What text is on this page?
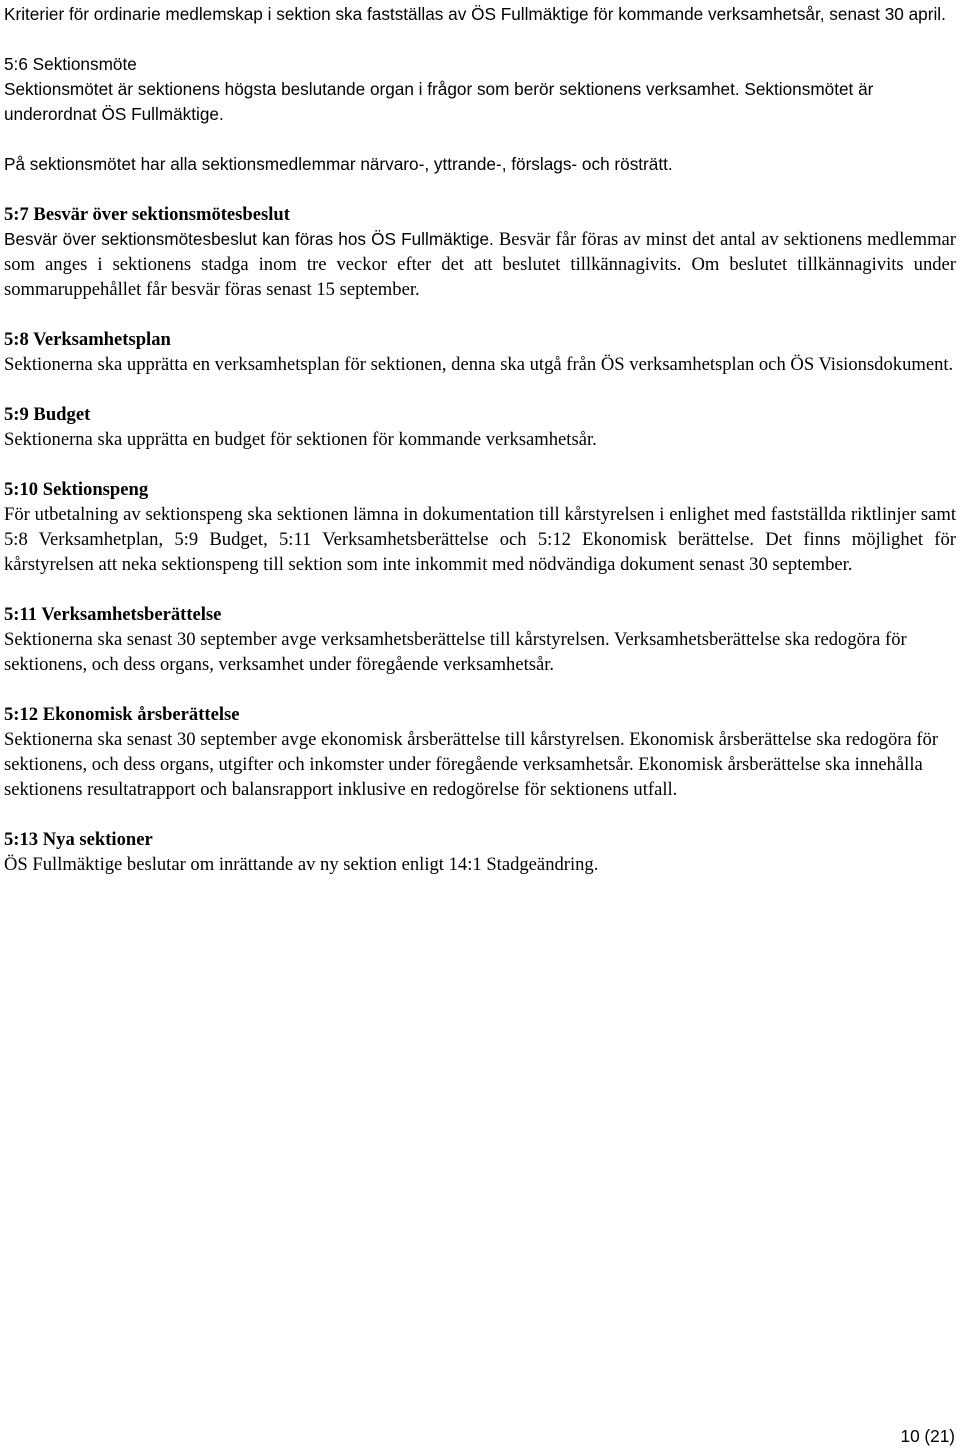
Kriterier för ordinarie medlemskap i sektion ska fastställas av ÖS Fullmäktige för kommande verksamhetsår, senast 30 april.

5:6 Sektionsmöte

Sektionsmötet är sektionens högsta beslutande organ i frågor som berör sektionens verksamhet. Sektionsmötet är underordnat ÖS Fullmäktige.

På sektionsmötet har alla sektionsmedlemmar närvaro-, yttrande-, förslags- och rösträtt.

5:7 Besvär över sektionsmötesbeslut

Besvär över sektionsmötesbeslut kan föras hos ÖS Fullmäktige. Besvär får föras av minst det antal av sektionens medlemmar som anges i sektionens stadga inom tre veckor efter det att beslutet tillkännagivits. Om beslutet tillkännagivits under sommaruppehållet får besvär föras senast 15 september.

5:8 Verksamhetsplan

Sektionerna ska upprätta en verksamhetsplan för sektionen, denna ska utgå från ÖS verksamhetsplan och ÖS Visionsdokument.

5:9 Budget

Sektionerna ska upprätta en budget för sektionen för kommande verksamhetsår.

5:10 Sektionspeng

För utbetalning av sektionspeng ska sektionen lämna in dokumentation till kårstyrelsen i enlighet med fastställda riktlinjer samt 5:8 Verksamhetplan, 5:9 Budget, 5:11 Verksamhetsberättelse och 5:12 Ekonomisk berättelse. Det finns möjlighet för kårstyrelsen att neka sektionspeng till sektion som inte inkommit med nödvändiga dokument senast 30 september.

5:11 Verksamhetsberättelse

Sektionerna ska senast 30 september avge verksamhetsberättelse till kårstyrelsen. Verksamhetsberättelse ska redogöra för sektionens, och dess organs, verksamhet under föregående verksamhetsår.

5:12 Ekonomisk årsberättelse

Sektionerna ska senast 30 september avge ekonomisk årsberättelse till kårstyrelsen. Ekonomisk årsberättelse ska redogöra för sektionens, och dess organs, utgifter och inkomster under föregående verksamhetsår. Ekonomisk årsberättelse ska innehålla sektionens resultatrapport och balansrapport inklusive en redogörelse för sektionens utfall.

5:13 Nya sektioner

ÖS Fullmäktige beslutar om inrättande av ny sektion enligt 14:1 Stadgeändring.

10 (21)
